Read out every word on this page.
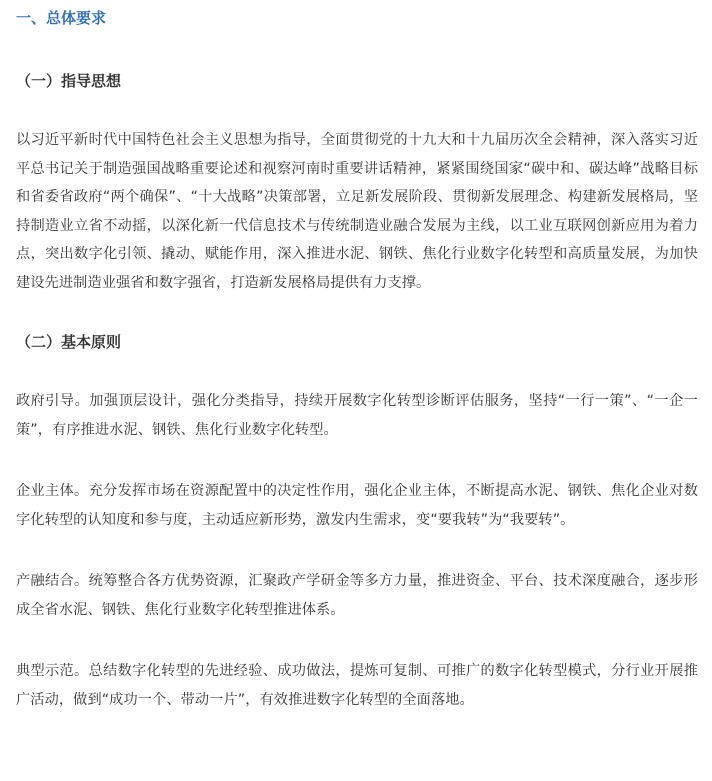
一、总体要求
（一）指导思想

以习近平新时代中国特色社会主义思想为指导，全面贯彻党的十九大和十九届历次全会精神，深入落实习近平总书记关于制造强国战略重要论述和视察河南时重要讲话精神，紧紧围绕国家“碳中和、碳达峰”战略目标和省委省政府“两个确保”、“十大战略”决策部署，立足新发展阶段、贯彻新发展理念、构建新发展格局，坚持制造业立省不动摇，以深化新一代信息技术与传统制造业融合发展为主线，以工业互联网创新应用为着力点，突出数字化引领、撬动、赋能作用，深入推进水泥、钢铁、焦化行业数字化转型和高质量发展，为加快建设先进制造业强省和数字强省，打造新发展格局提供有力支撑。

（二）基本原则

政府引导。加强顶层设计，强化分类指导，持续开展数字化转型诊断评估服务，坚持“一行一策”、“一企一策”，有序推进水泥、钢铁、焦化行业数字化转型。

企业主体。充分发挥市场在资源配置中的决定性作用，强化企业主体，不断提高水泥、钢铁、焦化企业对数字化转型的认知度和参与度，主动适应新形势，激发内生需求，变“要我转”为“我要转”。

产融结合。统筹整合各方优势资源，汇聚政产学研金等多方力量，推进资金、平台、技术深度融合，逐步形成全省水泥、钢铁、焦化行业数字化转型推进体系。

典型示范。总结数字化转型的先进经验、成功做法，提炼可复制、可推广的数字化转型模式，分行业开展推广活动，做到“成功一个、带动一片”，有效推进数字化转型的全面落地。
